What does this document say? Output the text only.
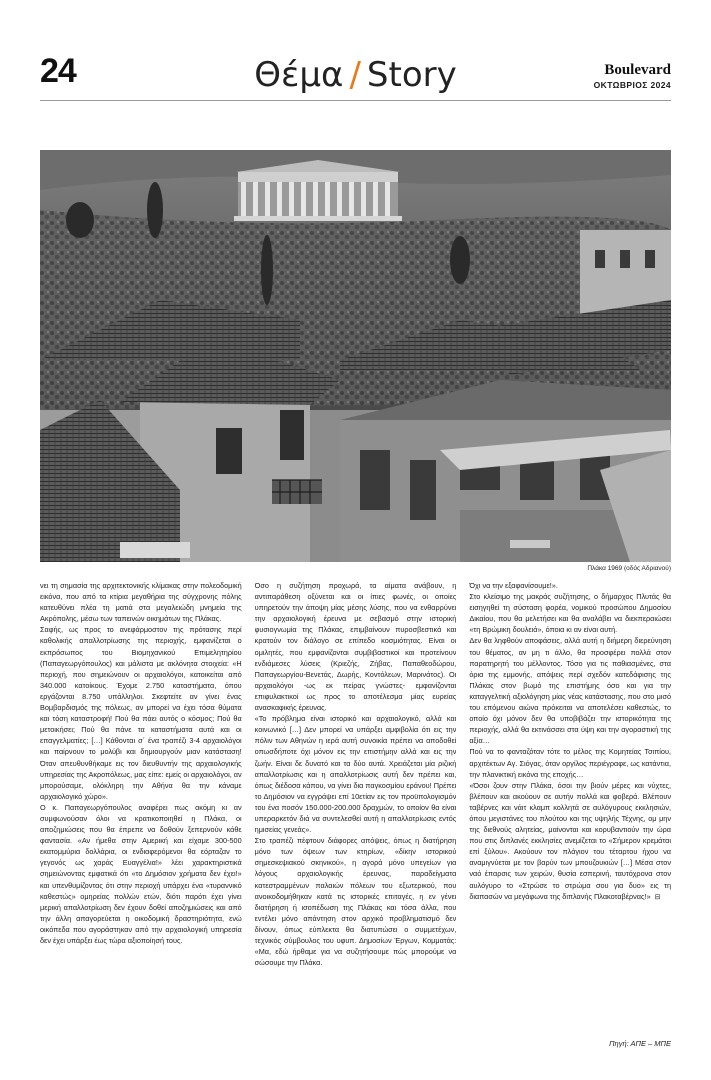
24	Θέμα / Story	Boulevard
ΟΚΤΩΒΡΙΟΣ 2024
Πλάκα 1969 (οδός Αδριανού)

νει τη σημασία της αρχιτεκτονικής κλίμακας στην πολεοδομική εικόνα, που από τα κτίρια μεγαθήρια της σύγχρονης πόλης κατευθύνει πλέα τη ματιά στα μεγαλειώδη μνημεία της Ακρόπολης, μέσω των ταπεινών οικημάτων της Πλάκας.

Σαφής, ως προς το ανεφάρμοστον της πρότασης περί καθολικής απαλλοτρίωσης της περιοχής, εμφανίζεται ο εκπρόσωπος του Βιομηχανικού Επιμελητηρίου (Παπαγεωργόπουλος) και μάλιστα με ακλόνητα στοιχεία: «Η περιοχή, που σημειώνουν οι αρχαιολόγοι, κατοικείται από 340.000 κατοίκους. Έχομε 2.750 καταστήματα, όπου εργάζονται 8.750 υπάλληλοι. Σκεφτείτε αν γίνει ένας Βομβαρδισμός της πόλεως, αν μπορεί να έχει τόσα θύματα και τόση καταστροφή! Πού θα πάει αυτός ο κόσμος; Πού θα μετοικήσει; Πού θα πάνε τα καταστήματα αυτά και οι επαγγελματίες; […] Κάθονται σ΄ ένα τραπέζι 3-4 αρχαιολόγοι και παίρνουν το μολύβι και δημιουργούν μιαν κατάσταση! Όταν απευθυνθήκαμε εις τον διευθυντήν της αρχαιολογικής υπηρεσίας της Ακροπόλεως, μας είπε: εμείς οι αρχαιολόγοι, αν μπορούσαμε, ολόκληρη την Αθήνα θα την κάναμε αρχαιολογικό χώρο».

Ο κ. Παπαγεωργόπουλος αναφέρει πως ακόμη κι αν συμφωνούσαν όλοι να κρατικοποιηθεί η Πλάκα, οι αποζημιώσεις που θα έπρεπε να δοθούν ξεπερνούν κάθε φαντασία. «Αν ήμεθα στην Αμερική και είχαμε 300-500 εκατομμύρια δολλάρια, οι ενδιαφερόμενοι θα εόρταζαν το γεγονός ως χαράς Ευαγγέλια!» λέει χαρακτηριστικά σημειώνοντας εμφατικά ότι «το Δημόσιον χρήματα δεν έχει!» και υπενθυμίζοντας ότι στην περιοχή υπάρχει ένα «τυραννικό καθεστώς» ομηρείας πολλών ετών, διότι παρότι έχει γίνει μερική απαλλοτρίωση δεν έχουν δοθεί αποζημιώσεις και από την άλλη απαγορεύεται η οικοδομική δραστηριότητα, ενώ οικόπεδα που αγοράστηκαν από την αρχαιολογική υπηρεσία δεν έχει υπάρξει έως τώρα αξιοποίησή τους.

Όσο η συζήτηση προχωρά, τα αίματα ανάβουν, η αντιπαράθεση οξύνεται και οι ίπιες φωνές, οι οποίες υπηρετούν την άποψη μίας μέσης λύσης, που να ενθαρρύνει την αρχαιολογική έρευνα με σεβασμό στην ιστορική φυσιογνωμία της Πλάκας, επιμβαίνουν πυροσβεστικά και κρατούν τον διάλογο σε επίπεδο κοσμιότητας. Είναι οι ομιλητές, που εμφανίζονται συμβιβαστικοί και προτείνουν ενδιάμεσες λύσεις (Κριεζής, Ζήβας, Παπαθεοδώρου, Παπαγεωργίου-Βενετάς, Δωρής, Κοντόλεων, Μαρινάτος). Οι αρχαιολόγοι -ως εκ πείρας γνώστες- εμφανίζονται επιφυλακτικοί ως προς το αποτέλεσμα μίας ευρείας ανασκαφικής έρευνας.

«Το πρόβλημα είναι ιστορικό και αρχαιολογικό, αλλά και κοινωνικό […] Δεν μπορεί να υπάρξει αμφιβολία ότι εις την πόλιν των Αθηνών η ιερά αυτή συνοικία πρέπει να αποδοθεί οπωσδήποτε όχι μόνον εις την επιστήμην αλλά και εις την ζωήν. Είναι δε δυνατό και τα δύο αυτά. Χρειάζεται μία ριζική απαλλοτρίωσις και η απαλλοτρίωσις αυτή δεν πρέπει και, όπως διέδοσα κάπου, να γίνει δια παγκοσμίου εράνου! Πρέπει το Δημόσιον να εγγράψει επί 10ετίαν εις τον προϋπολογισμόν του ένα ποσόν 150.000-200.000 δραχμών, το οποίον θα είναι υπεραρκετόν διά να συντελεσθεί αυτή η απαλλοτρίωσις εντός ημισείας γενεάς».

Στο τραπέζι πέφτουν διάφορες απόψεις, όπως η διατήρηση μόνο των όψεων των κτηρίων, «δίκην ιστορικού σημεσκεψιακού σκηνικού», η αγορά μόνο υπεγείων για λόγους αρχαιολογικής έρευνας, παραδείγματα κατεστραμμένων παλαιών πόλεων του εξωτερικού, που ανοικοδομήθηκαν κατά τις ιστορικές επιταγές, η εν γένει διατήρηση ή ισοπέδωση της Πλάκας και τόσα άλλα, που εντέλει μόνο απάντηση στον αρχικό προβληματισμό δεν δίνουν, όπως εύπλεκτα θα διατυπώσει ο συμμετέχων, τεχνικός σύμβουλος του υφυπ. Δημοσίων Έργων, Κομματάς: «Μα, εδώ ήρθαμε για να συζητήσουμε πώς μπορούμε να σώσουμε την Πλάκα.

Όχι να την εξαφανίσουμε!».

Στο κλείσιμο της μακράς συζήτησης, ο δήμαρχος Πλυτάς θα εισηγηθεί τη σύσταση φορέα, νομικού προσώπου Δημοσίου Δικαίου, που θα μελετήσει και θα αναλάβει να διεκπεραιώσει «τη Βρώμικη δουλειά», όποια κι αν είναι αυτή.

Δεν θα ληφθούν αποφάσεις, αλλά αυτή η διήμερη διερεύνηση του θέματος, αν μη τι άλλο, θα προσφέρει πολλά στον παρατηρητή του μέλλοντος. Τόσο για τις παθιασμένες, στα όρια της εμμονής, απόψεις περί σχεδόν κατεδάφισης της Πλάκας στον βωμό της επιστήμης όσο και για την καταγγελτική αξιολόγηση μίας νέας κατάστασης, που στο μισό του επόμενου αιώνα πρόκειται να αποτελέσει καθεστώς, το οποίο όχι μόνον δεν θα υποβιβάζει την ιστορικότητα της περιοχής, αλλά θα εκτινάσσει στα ύψη και την αγοραστική της αξία…

Πού να το φανταζόταν τότε το μέλος της Κομητείας Τσιπίου, αρχιτέκτων Αγ. Σιόγας, όταν οργίλος περιέγραφε, ως κατάντια, την πλανικτική εικόνα της εποχής…

«Όσοι ζουν στην Πλάκα, όσοι την βιούν μέρες και νύχτες, βλέπουν και ακούουν σε αυτήν πολλά και φοβερά. Βλέπουν ταβέρνες και νάιτ κλαμπ κολλητά σε αυλόγυρους εκκλησιών, όπου μεγιστάνες του πλούτου και της υψηλής Τέχνης, ομ μην της διεθνούς αλητείας, μαίνονται και κορυβαντιούν την ώρα που στις διπλανές εκκλησίες ανεμίζεται το «Σήμερον κρεμάται επί ξύλου». Ακούουν τον πλάγιον του τέταρτου ήχου να αναμιγνύεται με τον βαρύν των μπουζουκιών […] Μέσα στον ναό έπαρσις των χειρών, θυσία εσπερινή, ταυτόχρονα στον αυλόγυρο το «Στρώσε το στρώμα σου για δυο» εις τη διαπασών να μεγάφωνα της διπλανής Πλακοταβέρνας!» ⊟

Πηγή: ΑΠΕ – ΜΠΕ
